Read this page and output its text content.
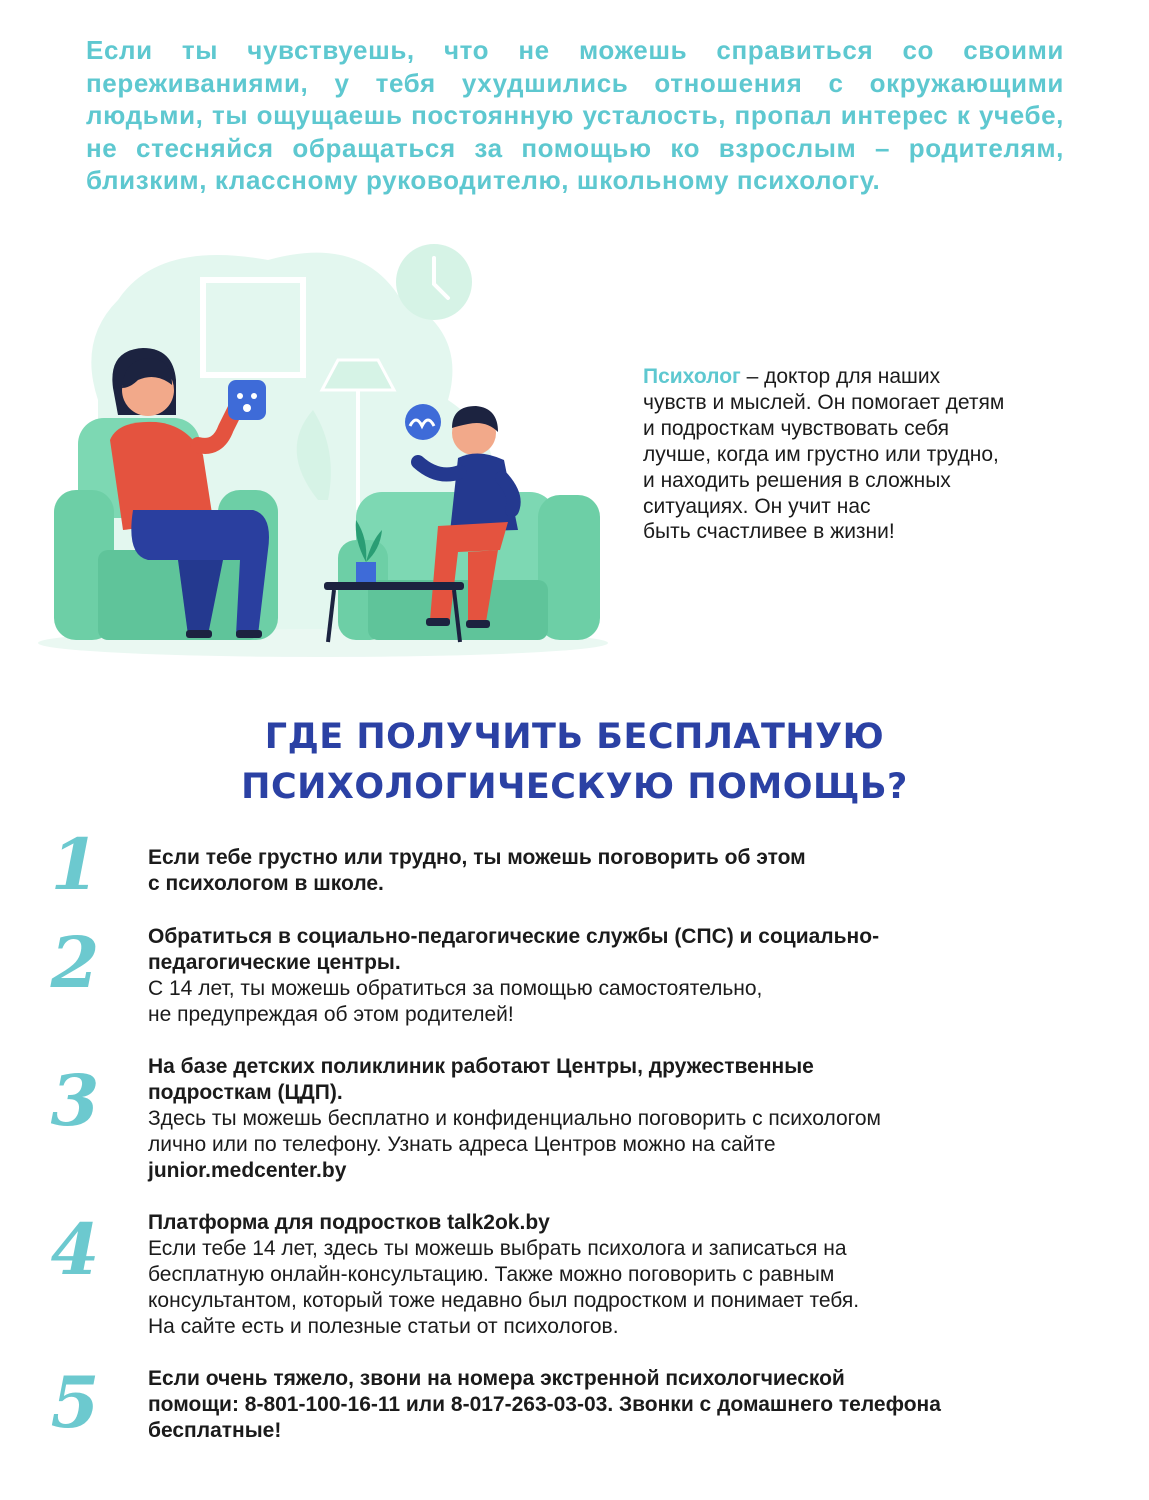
Если ты чувствуешь, что не можешь справиться со своими переживаниями, у тебя ухудшились отношения с окружающими людьми, ты ощущаешь постоянную усталость, пропал интерес к учебе, не стесняйся обращаться за помощью ко взрослым – родителям, близким, классному руководителю, школьному психологу.

Психолог – доктор для наших
чувств и мыслей. Он помогает детям
и подросткам чувствовать себя
лучше, когда им грустно или трудно,
и находить решения в сложных
ситуациях. Он учит нас
быть счастливее в жизни!

ГДЕ ПОЛУЧИТЬ БЕСПЛАТНУЮ
ПСИХОЛОГИЧЕСКУЮ ПОМОЩЬ?
1	Если тебе грустно или трудно, ты можешь поговорить об этом
с психологом в школе.
2	Обратиться в социально-педагогические службы (СПС) и социально-
педагогические центры.
С 14 лет, ты можешь обратиться за помощью самостоятельно,
не предупреждая об этом родителей!
3	На базе детских поликлиник работают Центры, дружественные
подросткам (ЦДП).
Здесь ты можешь бесплатно и конфиденциально поговорить с психологом
лично или по телефону. Узнать адреса Центров можно на сайте
junior.medcenter.by
4	Платформа для подростков talk2ok.by
Если тебе 14 лет, здесь ты можешь выбрать психолога и записаться на
бесплатную онлайн-консультацию. Также можно поговорить с равным
консультантом, который тоже недавно был подростком и понимает тебя.
На сайте есть и полезные статьи от психологов.
5	Если очень тяжело, звони на номера экстренной психологчиеской
помощи: 8-801-100-16-11 или 8-017-263-03-03. Звонки с домашнего телефона
бесплатные!
